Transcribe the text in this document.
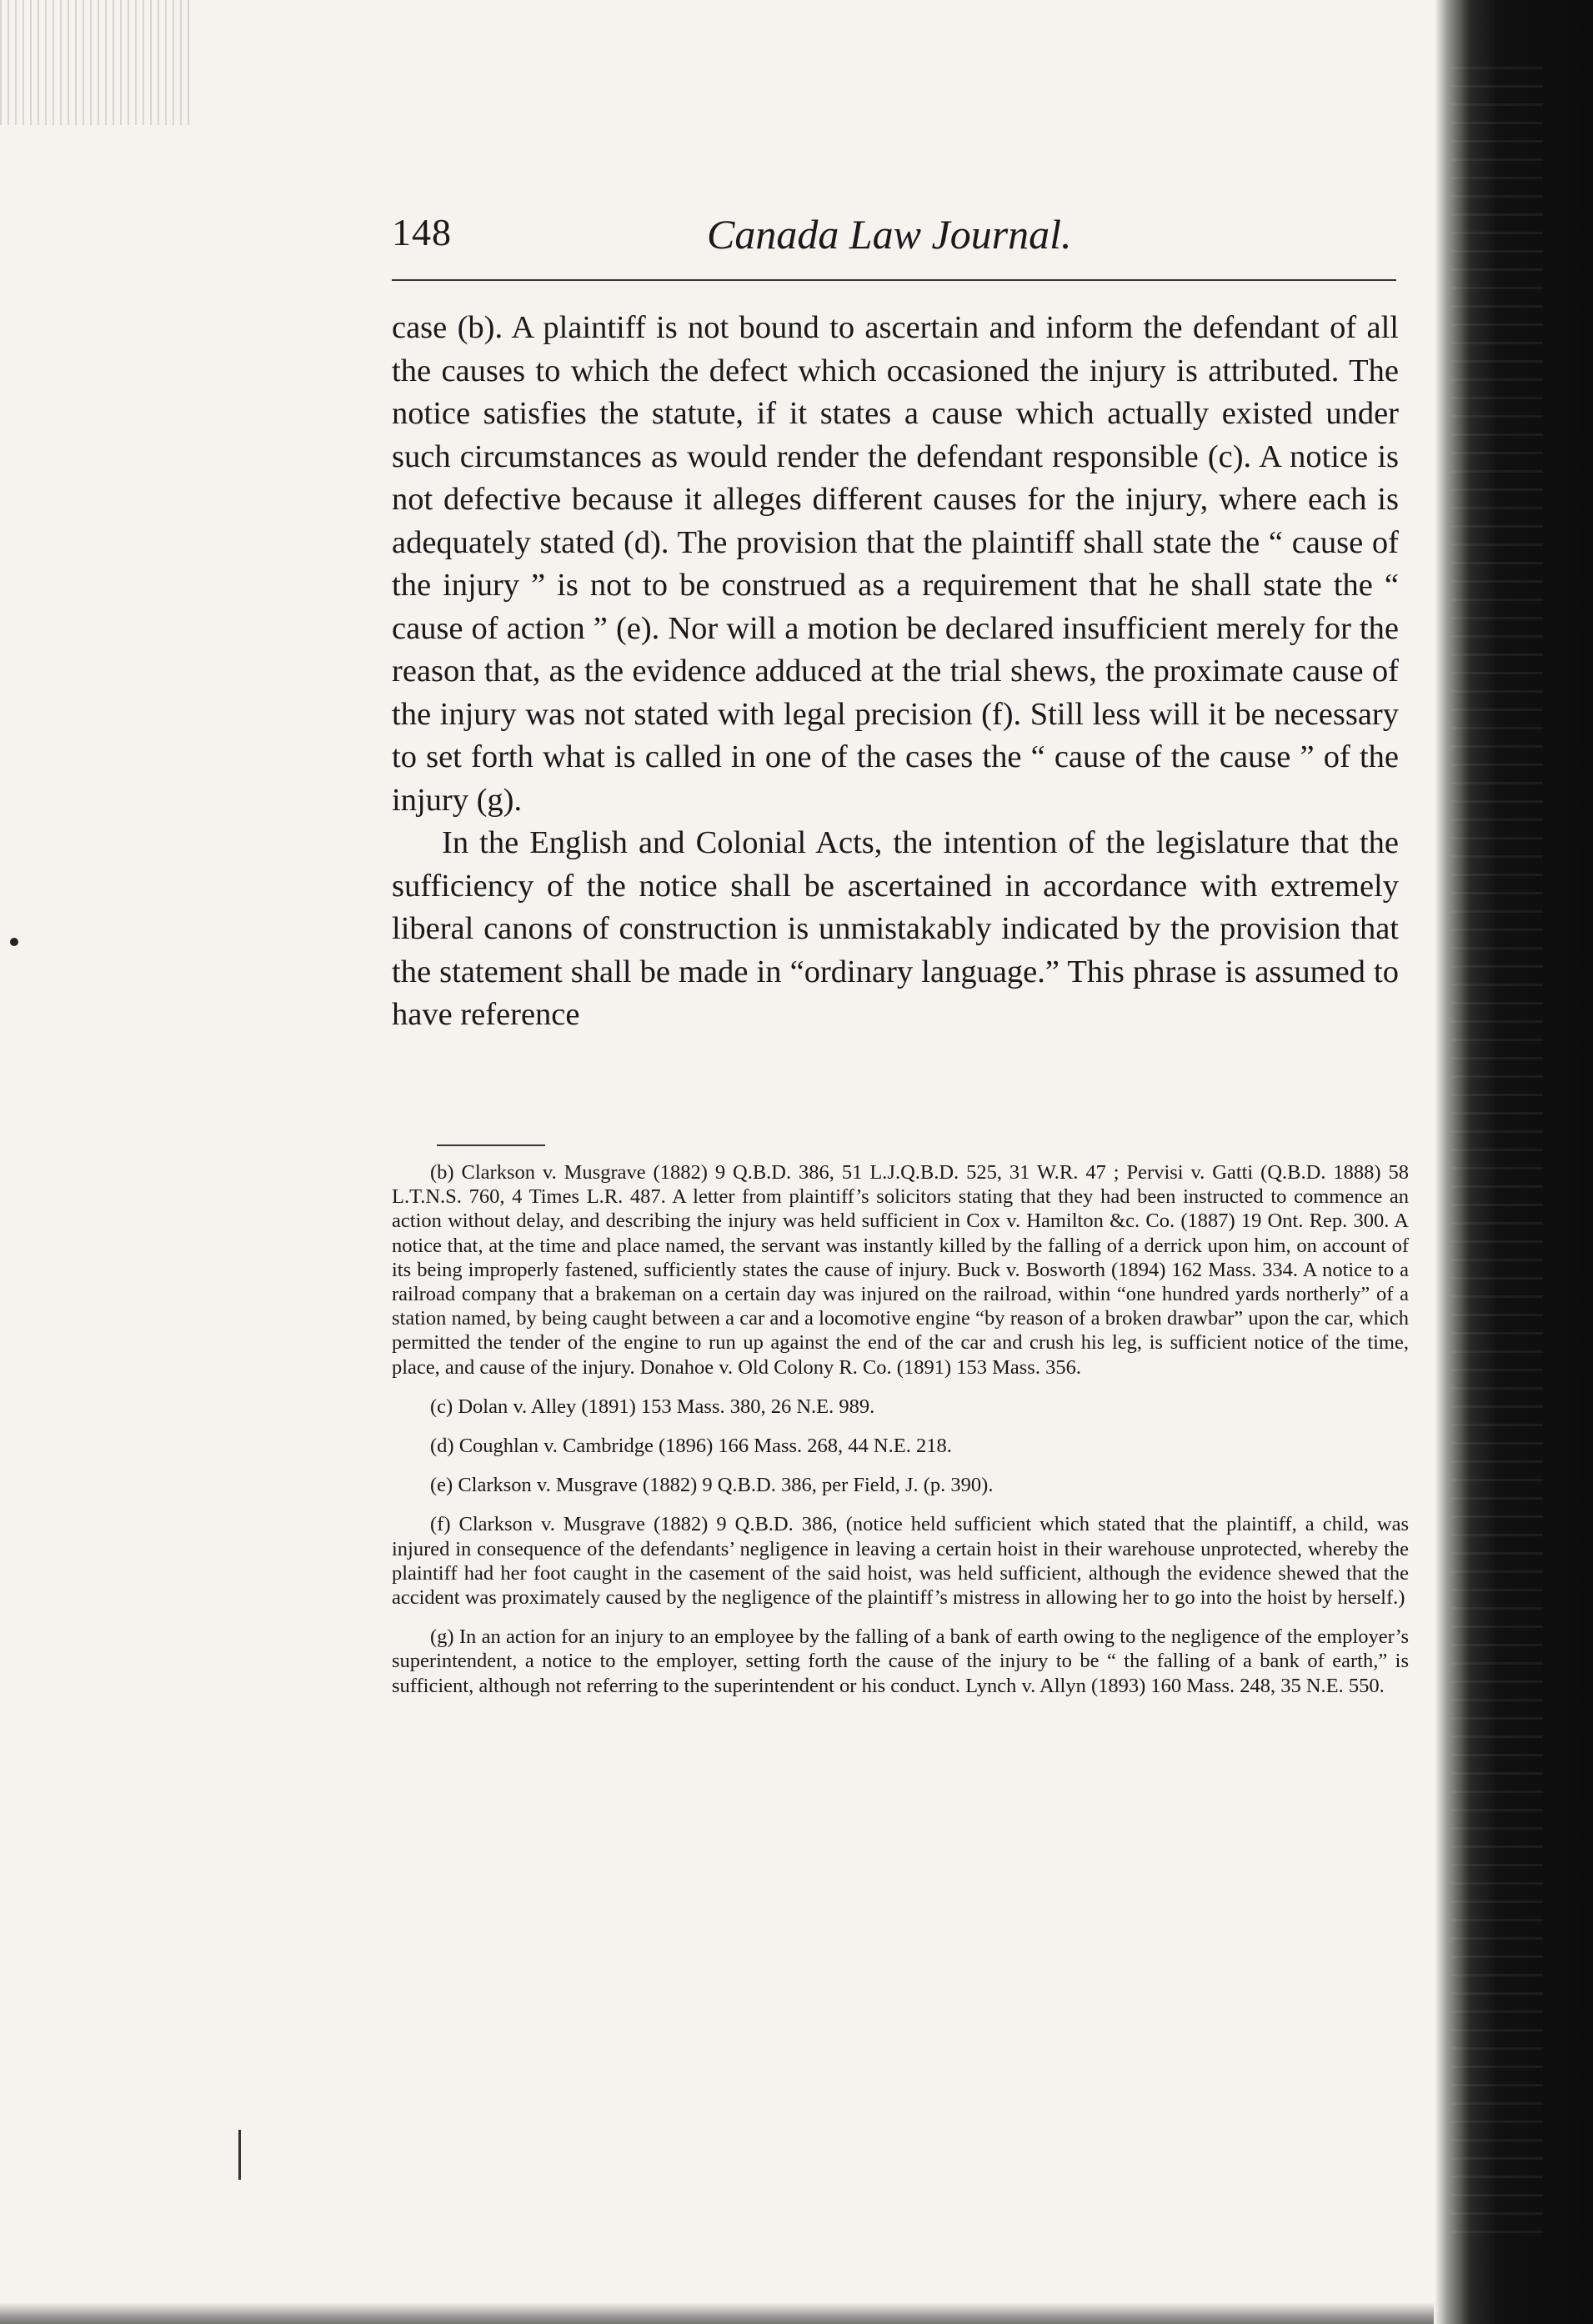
148	Canada Law Journal.

case (b). A plaintiff is not bound to ascertain and inform the defendant of all the causes to which the defect which occasioned the injury is attributed. The notice satisfies the statute, if it states a cause which actually existed under such circumstances as would render the defendant responsible (c). A notice is not defective because it alleges different causes for the injury, where each is adequately stated (d). The provision that the plaintiff shall state the “ cause of the injury ” is not to be construed as a requirement that he shall state the “ cause of action ” (e). Nor will a motion be declared insufficient merely for the reason that, as the evidence adduced at the trial shews, the proximate cause of the injury was not stated with legal precision (f). Still less will it be necessary to set forth what is called in one of the cases the “ cause of the cause ” of the injury (g).

In the English and Colonial Acts, the intention of the legislature that the sufficiency of the notice shall be ascertained in accordance with extremely liberal canons of construction is unmistakably indicated by the provision that the statement shall be made in “ordinary language.” This phrase is assumed to have reference

(b) Clarkson v. Musgrave (1882) 9 Q.B.D. 386, 51 L.J.Q.B.D. 525, 31 W.R. 47 ; Pervisi v. Gatti (Q.B.D. 1888) 58 L.T.N.S. 760, 4 Times L.R. 487. A letter from plaintiff’s solicitors stating that they had been instructed to commence an action without delay, and describing the injury was held sufficient in Cox v. Hamilton &c. Co. (1887) 19 Ont. Rep. 300. A notice that, at the time and place named, the servant was instantly killed by the falling of a derrick upon him, on account of its being improperly fastened, sufficiently states the cause of injury. Buck v. Bosworth (1894) 162 Mass. 334. A notice to a railroad company that a brakeman on a certain day was injured on the railroad, within “one hundred yards northerly” of a station named, by being caught between a car and a locomotive engine “by reason of a broken drawbar” upon the car, which permitted the tender of the engine to run up against the end of the car and crush his leg, is sufficient notice of the time, place, and cause of the injury. Donahoe v. Old Colony R. Co. (1891) 153 Mass. 356.

(c) Dolan v. Alley (1891) 153 Mass. 380, 26 N.E. 989.

(d) Coughlan v. Cambridge (1896) 166 Mass. 268, 44 N.E. 218.

(e) Clarkson v. Musgrave (1882) 9 Q.B.D. 386, per Field, J. (p. 390).

(f) Clarkson v. Musgrave (1882) 9 Q.B.D. 386, (notice held sufficient which stated that the plaintiff, a child, was injured in consequence of the defendants’ negligence in leaving a certain hoist in their warehouse unprotected, whereby the plaintiff had her foot caught in the casement of the said hoist, was held sufficient, although the evidence shewed that the accident was proximately caused by the negligence of the plaintiff’s mistress in allowing her to go into the hoist by herself.)

(g) In an action for an injury to an employee by the falling of a bank of earth owing to the negligence of the employer’s superintendent, a notice to the employer, setting forth the cause of the injury to be “ the falling of a bank of earth,” is sufficient, although not referring to the superintendent or his conduct. Lynch v. Allyn (1893) 160 Mass. 248, 35 N.E. 550.
